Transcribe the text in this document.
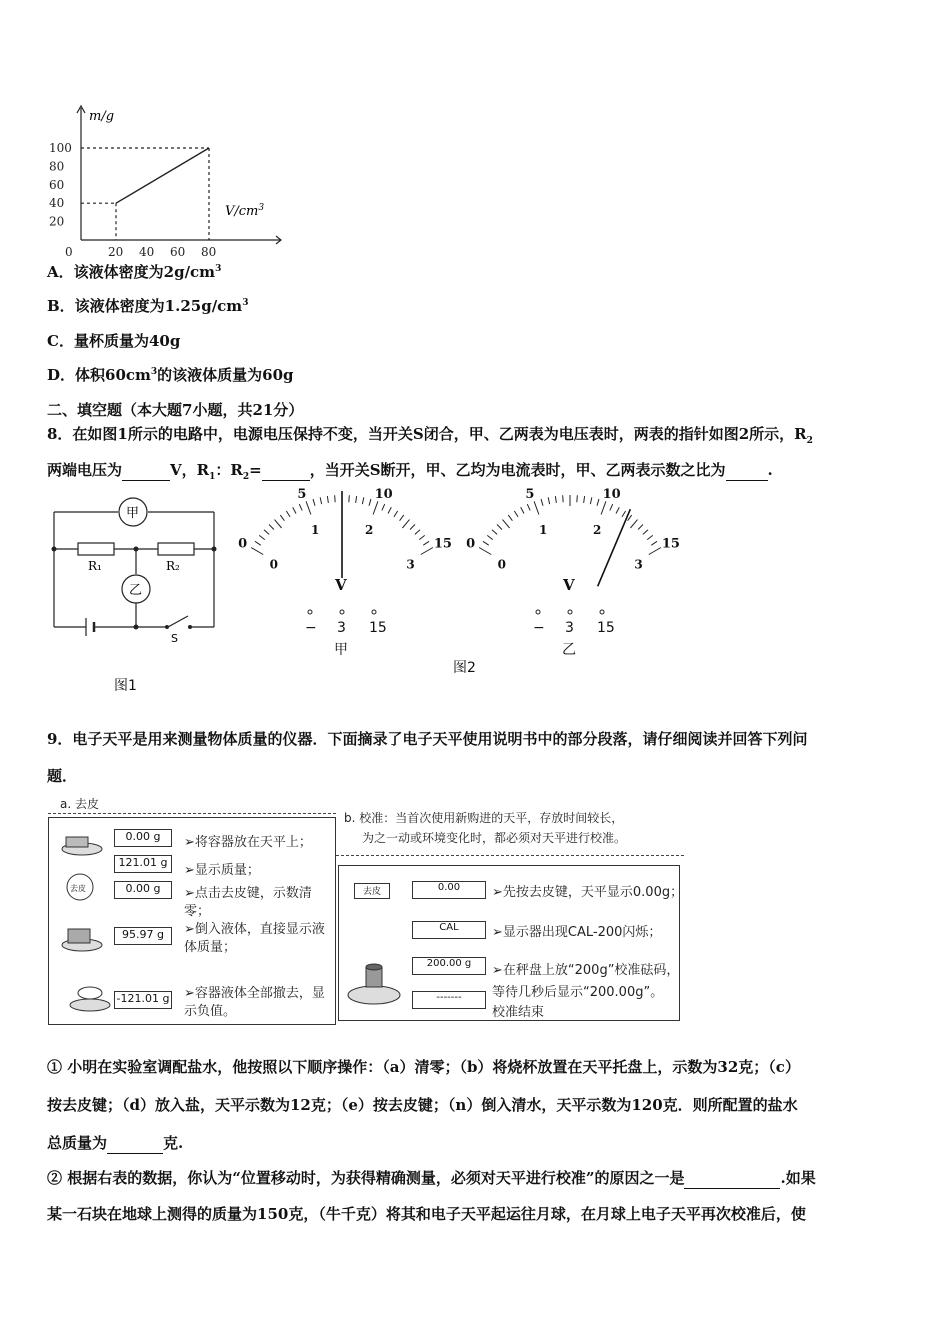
100
80
60
40
20
0	20 40 60 80
m/g
$V/cm^3$
A．该液体密度为$2g/cm^3$
B．该液体密度为$1.25g/cm^3$
C．量杯质量为40g
D．体积$60cm^3$的该液体质量为60g
二、填空题（本大题7小题，共21分）
8．在如图1所示的电路中，电源电压保持不变，当开关S闭合，甲、乙两表为电压表时，两表的指针如图2所示，$R_2$
两端电压为	V，$R_1$：$R_2=$	，当开关S断开，甲、乙均为电流表时，甲、乙两表示数之比为	.
甲
乙
R₁	R₂
S
图1
0
5	10
15
0
1	2
3
V
− 3 15
甲
0
5	10
15
0
1	2
3
V
− 3 15
乙
图2
9．电子天平是用来测量物体质量的仪器．下面摘录了电子天平使用说明书中的部分段落，请仔细阅读并回答下列问
题．
a. 去皮
0.00 g
121.01 g
0.00 g
95.97 g
-121.01 g
去皮
➢将容器放在天平上；
➢显示质量；
➢点击去皮键，示数清零；
➢倒入液体，直接显示液体质量；
➢容器液体全部撤去，显示负值。
b. 校准：当首次使用新购进的天平，存放时间较长，
为之一动或环境变化时，都必须对天平进行校准。
去皮	0.00
CAL
200.00 g
-------
➢先按去皮键，天平显示0.00g；
➢显示器出现CAL-200闪烁；
➢在秤盘上放“200g”校准砝码，
等待几秒后显示“200.00g”。
校准结束
① 小明在实验室调配盐水，他按照以下顺序操作：（a）清零；（b）将烧杯放置在天平托盘上，示数为32克；（c）
按去皮键；（d）放入盐，天平示数为12克；（e）按去皮键；（n）倒入清水，天平示数为120克．则所配置的盐水
总质量为	克.
② 根据右表的数据，你认为“位置移动时，为获得精确测量，必须对天平进行校准”的原因之一是	.如果
某一石块在地球上测得的质量为150克，（牛千克）将其和电子天平起运往月球，在月球上电子天平再次校准后，使
